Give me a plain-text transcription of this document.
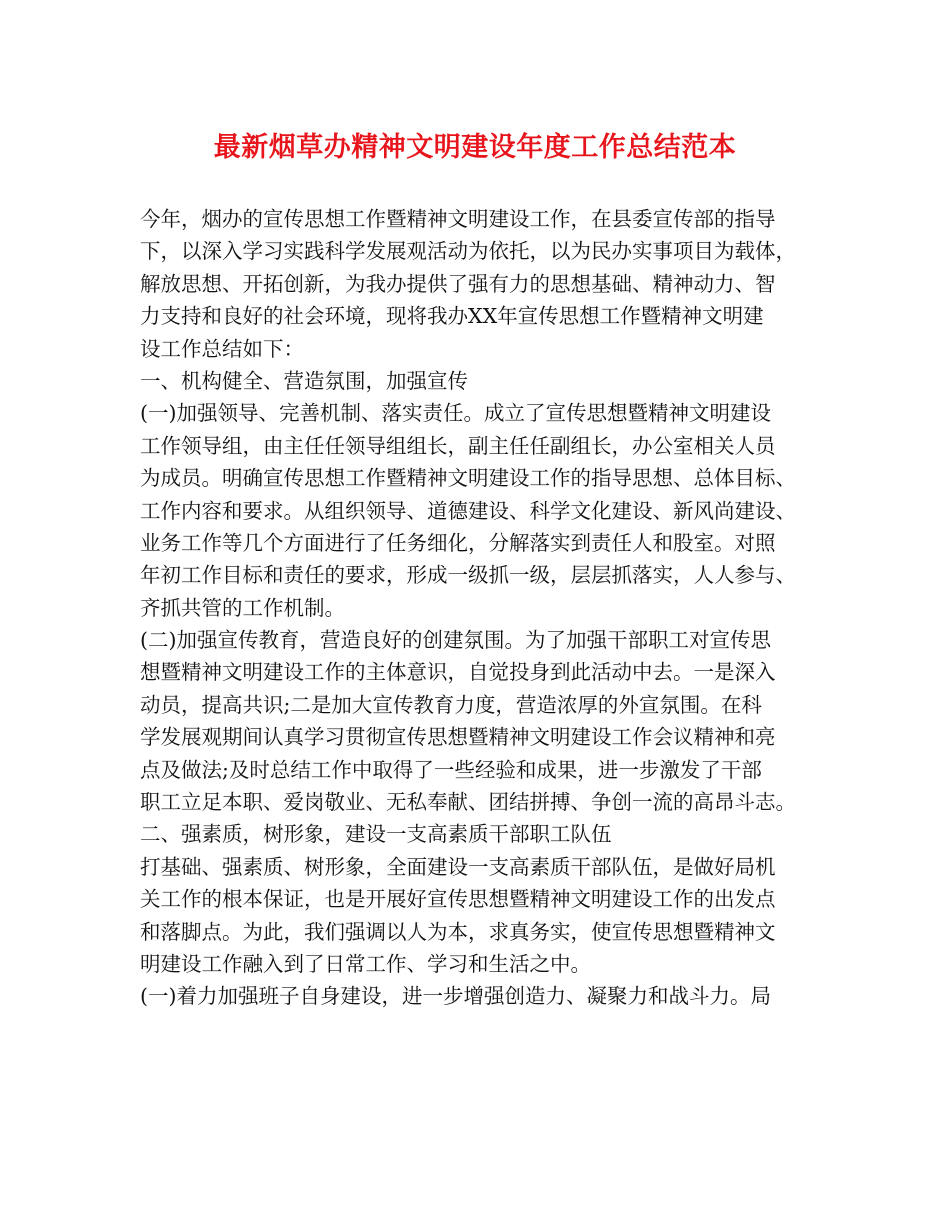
最新烟草办精神文明建设年度工作总结范本
今年，烟办的宣传思想工作暨精神文明建设工作，在县委宣传部的指导
下，以深入学习实践科学发展观活动为依托，以为民办实事项目为载体，
解放思想、开拓创新，为我办提供了强有力的思想基础、精神动力、智
力支持和良好的社会环境，现将我办XX年宣传思想工作暨精神文明建
设工作总结如下：
一、机构健全、营造氛围，加强宣传
(一)加强领导、完善机制、落实责任。成立了宣传思想暨精神文明建设
工作领导组，由主任任领导组组长，副主任任副组长，办公室相关人员
为成员。明确宣传思想工作暨精神文明建设工作的指导思想、总体目标、
工作内容和要求。从组织领导、道德建设、科学文化建设、新风尚建设、
业务工作等几个方面进行了任务细化，分解落实到责任人和股室。对照
年初工作目标和责任的要求，形成一级抓一级，层层抓落实，人人参与、
齐抓共管的工作机制。
(二)加强宣传教育，营造良好的创建氛围。为了加强干部职工对宣传思
想暨精神文明建设工作的主体意识，自觉投身到此活动中去。一是深入
动员，提高共识;二是加大宣传教育力度，营造浓厚的外宣氛围。在科
学发展观期间认真学习贯彻宣传思想暨精神文明建设工作会议精神和亮
点及做法;及时总结工作中取得了一些经验和成果，进一步激发了干部
职工立足本职、爱岗敬业、无私奉献、团结拼搏、争创一流的高昂斗志。
二、强素质，树形象，建设一支高素质干部职工队伍
打基础、强素质、树形象，全面建设一支高素质干部队伍，是做好局机
关工作的根本保证，也是开展好宣传思想暨精神文明建设工作的出发点
和落脚点。为此，我们强调以人为本，求真务实，使宣传思想暨精神文
明建设工作融入到了日常工作、学习和生活之中。
(一)着力加强班子自身建设，进一步增强创造力、凝聚力和战斗力。局
